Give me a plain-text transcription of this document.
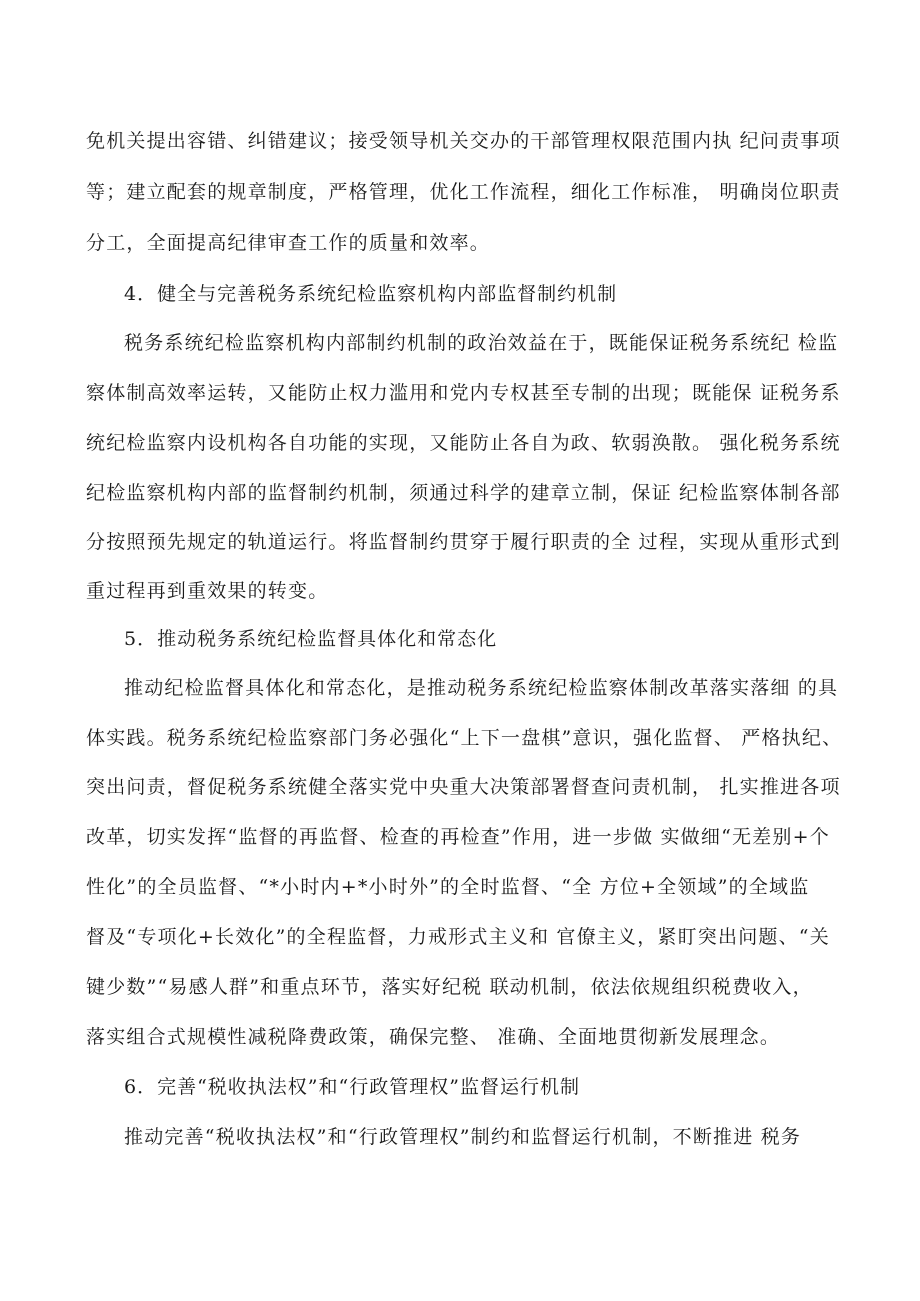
免机关提出容错、纠错建议；接受领导机关交办的干部管理权限范围内执 纪问责事项
等；建立配套的规章制度，严格管理，优化工作流程，细化工作标准， 明确岗位职责
分工，全面提高纪律审查工作的质量和效率。
4．健全与完善税务系统纪检监察机构内部监督制约机制
税务系统纪检监察机构内部制约机制的政治效益在于，既能保证税务系统纪 检监
察体制高效率运转，又能防止权力滥用和党内专权甚至专制的出现；既能保 证税务系
统纪检监察内设机构各自功能的实现，又能防止各自为政、软弱涣散。 强化税务系统
纪检监察机构内部的监督制约机制，须通过科学的建章立制，保证 纪检监察体制各部
分按照预先规定的轨道运行。将监督制约贯穿于履行职责的全 过程，实现从重形式到
重过程再到重效果的转变。
5．推动税务系统纪检监督具体化和常态化
推动纪检监督具体化和常态化，是推动税务系统纪检监察体制改革落实落细 的具
体实践。税务系统纪检监察部门务必强化“上下一盘棋”意识，强化监督、 严格执纪、
突出问责，督促税务系统健全落实党中央重大决策部署督查问责机制， 扎实推进各项
改革，切实发挥“监督的再监督、检查的再检查”作用，进一步做 实做细“无差别+个
性化”的全员监督、“*小时内+*小时外”的全时监督、“全 方位+全领域”的全域监
督及“专项化+长效化”的全程监督，力戒形式主义和 官僚主义，紧盯突出问题、“关
键少数”“易感人群”和重点环节，落实好纪税 联动机制，依法依规组织税费收入，
落实组合式规模性减税降费政策，确保完整、 准确、全面地贯彻新发展理念。
6．完善“税收执法权”和“行政管理权”监督运行机制
推动完善“税收执法权”和“行政管理权”制约和监督运行机制，不断推进 税务
